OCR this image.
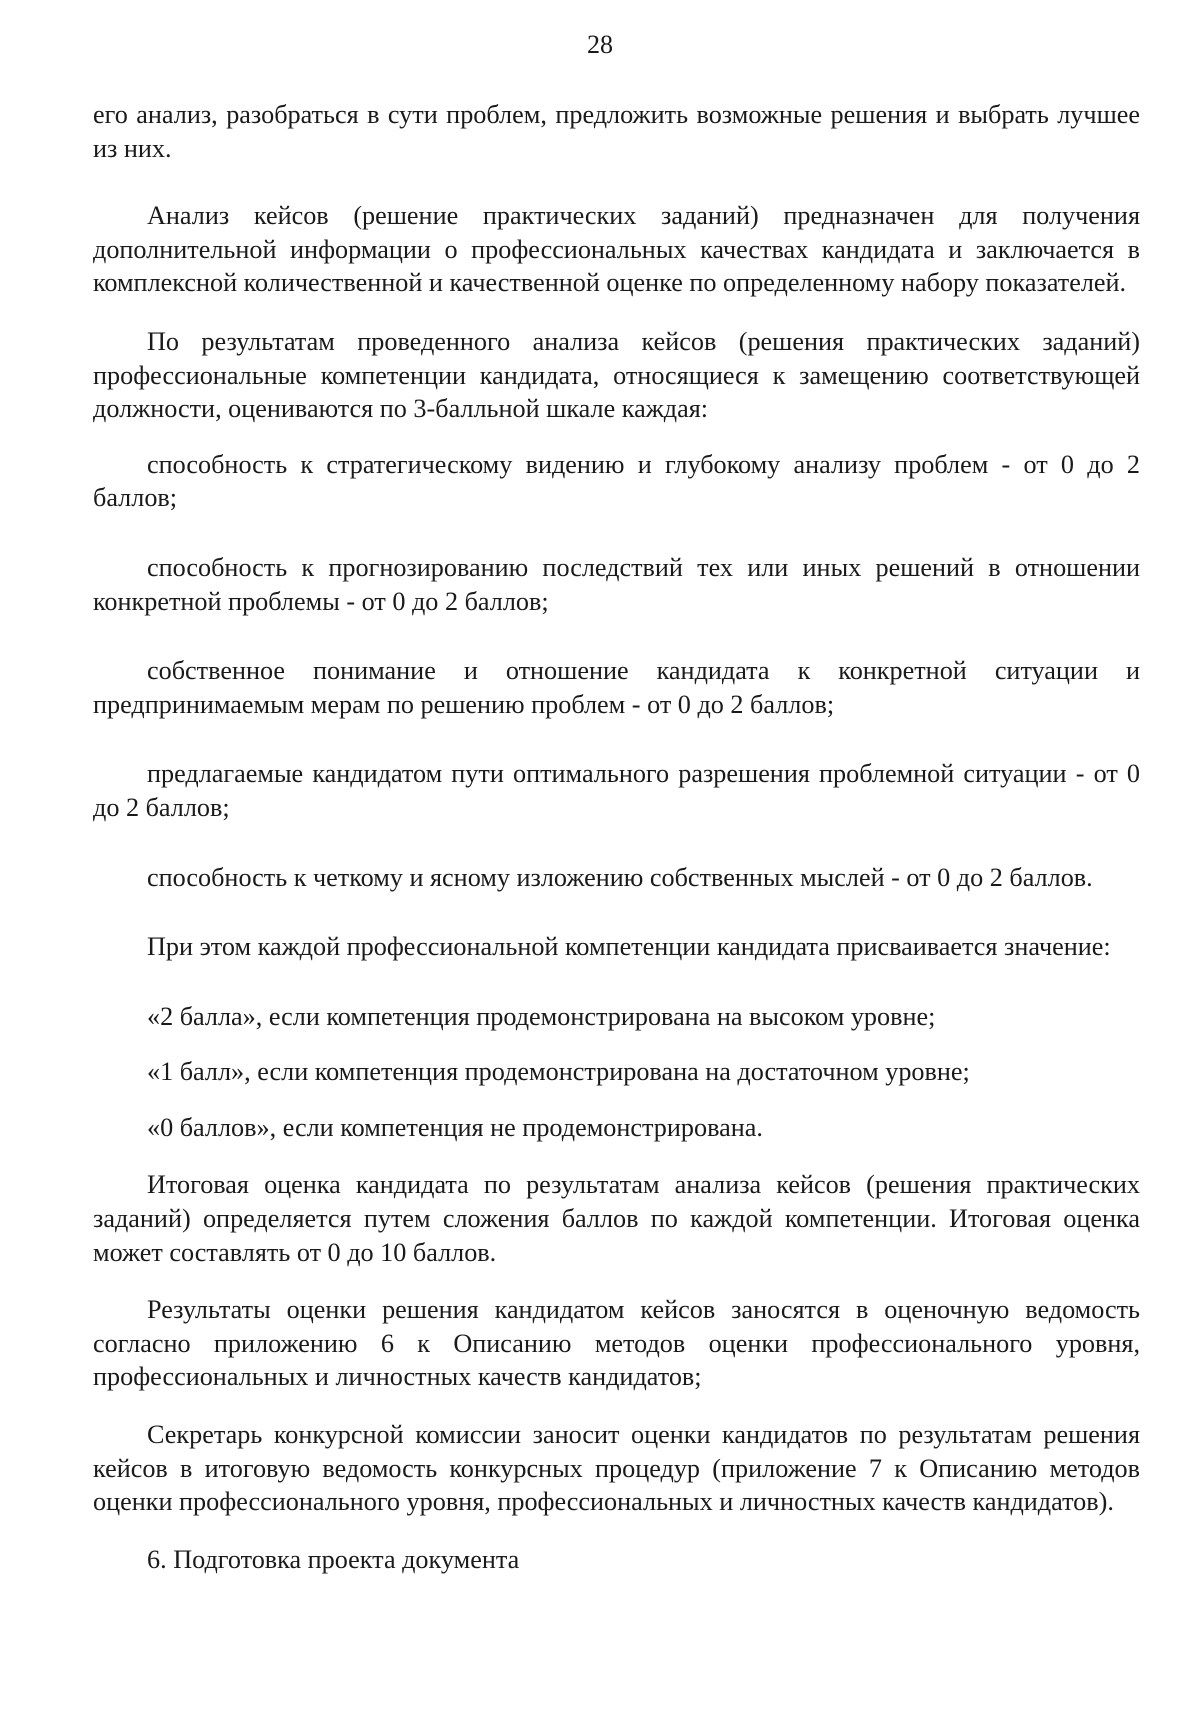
28

его анализ, разобраться в сути проблем, предложить возможные решения и выбрать лучшее из них.

Анализ кейсов (решение практических заданий) предназначен для получения дополнительной информации о профессиональных качествах кандидата и заключается в комплексной количественной и качественной оценке по определенному набору показателей.

По результатам проведенного анализа кейсов (решения практических заданий) профессиональные компетенции кандидата, относящиеся к замещению соответствующей должности, оцениваются по 3-балльной шкале каждая:

способность к стратегическому видению и глубокому анализу проблем - от 0 до 2 баллов;

способность к прогнозированию последствий тех или иных решений в отношении конкретной проблемы - от 0 до 2 баллов;

собственное понимание и отношение кандидата к конкретной ситуации и предпринимаемым мерам по решению проблем - от 0 до 2 баллов;

предлагаемые кандидатом пути оптимального разрешения проблемной ситуации - от 0 до 2 баллов;

способность к четкому и ясному изложению собственных мыслей - от 0 до 2 баллов.

При этом каждой профессиональной компетенции кандидата присваивается значение:

«2 балла», если компетенция продемонстрирована на высоком уровне;

«1 балл», если компетенция продемонстрирована на достаточном уровне;

«0 баллов», если компетенция не продемонстрирована.

Итоговая оценка кандидата по результатам анализа кейсов (решения практических заданий) определяется путем сложения баллов по каждой компетенции. Итоговая оценка может составлять от 0 до 10 баллов.

Результаты оценки решения кандидатом кейсов заносятся в оценочную ведомость согласно приложению 6 к Описанию методов оценки профессионального уровня, профессиональных и личностных качеств кандидатов;

Секретарь конкурсной комиссии заносит оценки кандидатов по результатам решения кейсов в итоговую ведомость конкурсных процедур (приложение 7 к Описанию методов оценки профессионального уровня, профессиональных и личностных качеств кандидатов).

6. Подготовка проекта документа
